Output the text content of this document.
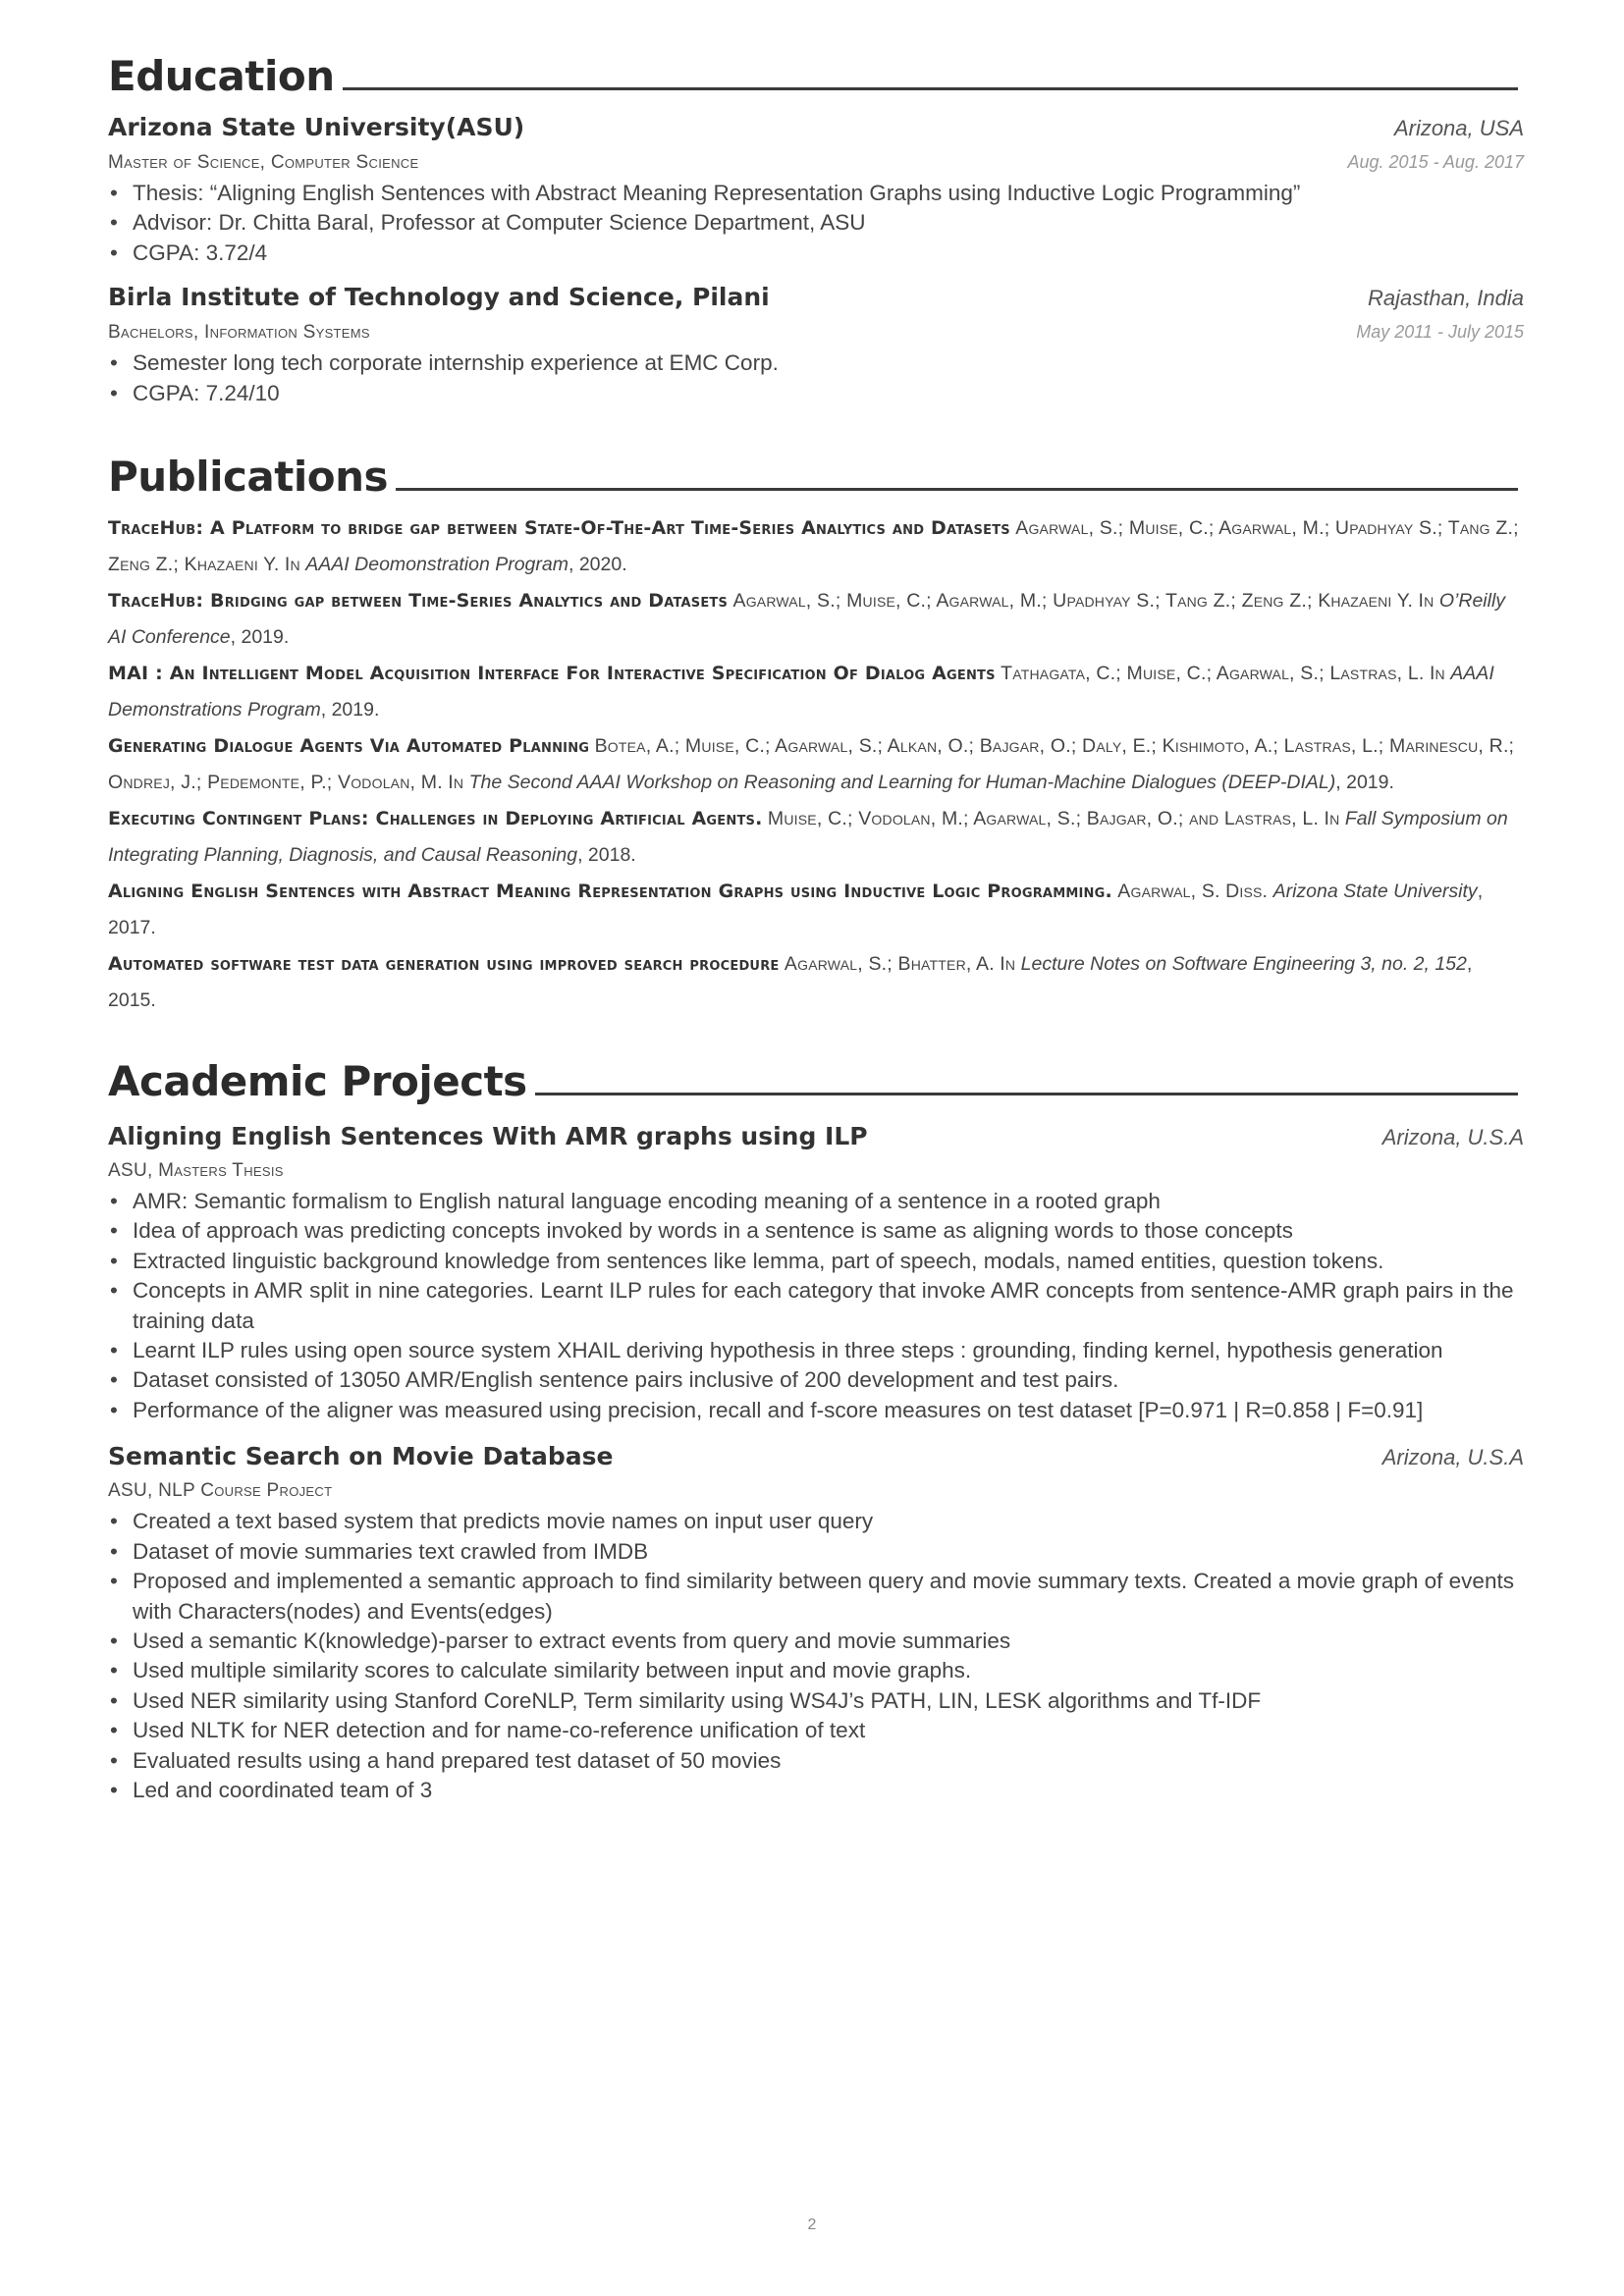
Education
Arizona State University(ASU)	Arizona, USA
Master of Science, Computer Science	Aug. 2015 - Aug. 2017
• Thesis: “Aligning English Sentences with Abstract Meaning Representation Graphs using Inductive Logic Programming”
• Advisor: Dr. Chitta Baral, Professor at Computer Science Department, ASU
• CGPA: 3.72/4
Birla Institute of Technology and Science, Pilani	Rajasthan, India
Bachelors, Information Systems	May 2011 - July 2015
• Semester long tech corporate internship experience at EMC Corp.
• CGPA: 7.24/10
Publications

TraceHub: A Platform to bridge gap between State-Of-The-Art Time-Series Analytics and Datasets Agarwal, S.; Muise, C.; Agarwal, M.; Upadhyay S.; Tang Z.; Zeng Z.; Khazaeni Y. In AAAI Deomonstration Program, 2020.

TraceHub: Bridging gap between Time-Series Analytics and Datasets Agarwal, S.; Muise, C.; Agarwal, M.; Upadhyay S.; Tang Z.; Zeng Z.; Khazaeni Y. In O’Reilly AI Conference, 2019.

MAI : An Intelligent Model Acquisition Interface For Interactive Specification Of Dialog Agents Tathagata, C.; Muise, C.; Agarwal, S.; Lastras, L. In AAAI Demonstrations Program, 2019.

Generating Dialogue Agents Via Automated Planning Botea, A.; Muise, C.; Agarwal, S.; Alkan, O.; Bajgar, O.; Daly, E.; Kishimoto, A.; Lastras, L.; Marinescu, R.; Ondrej, J.; Pedemonte, P.; Vodolan, M. In The Second AAAI Workshop on Reasoning and Learning for Human-Machine Dialogues (DEEP-DIAL), 2019.

Executing Contingent Plans: Challenges in Deploying Artificial Agents. Muise, C.; Vodolan, M.; Agarwal, S.; Bajgar, O.; and Lastras, L. In Fall Symposium on Integrating Planning, Diagnosis, and Causal Reasoning, 2018.

Aligning English Sentences with Abstract Meaning Representation Graphs using Inductive Logic Programming. Agarwal, S. Diss. Arizona State University, 2017.

Automated software test data generation using improved search procedure Agarwal, S.; Bhatter, A. In Lecture Notes on Software Engineering 3, no. 2, 152, 2015.

Academic Projects
Aligning English Sentences With AMR graphs using ILP	Arizona, U.S.A
ASU, Masters Thesis
• AMR: Semantic formalism to English natural language encoding meaning of a sentence in a rooted graph
• Idea of approach was predicting concepts invoked by words in a sentence is same as aligning words to those concepts
• Extracted linguistic background knowledge from sentences like lemma, part of speech, modals, named entities, question tokens.
• Concepts in AMR split in nine categories. Learnt ILP rules for each category that invoke AMR concepts from sentence-AMR graph pairs in the training data
• Learnt ILP rules using open source system XHAIL deriving hypothesis in three steps : grounding, finding kernel, hypothesis generation
• Dataset consisted of 13050 AMR/English sentence pairs inclusive of 200 development and test pairs.
• Performance of the aligner was measured using precision, recall and f-score measures on test dataset [P=0.971 | R=0.858 | F=0.91]
Semantic Search on Movie Database	Arizona, U.S.A
ASU, NLP Course Project
• Created a text based system that predicts movie names on input user query
• Dataset of movie summaries text crawled from IMDB
• Proposed and implemented a semantic approach to find similarity between query and movie summary texts. Created a movie graph of events with Characters(nodes) and Events(edges)
• Used a semantic K(knowledge)-parser to extract events from query and movie summaries
• Used multiple similarity scores to calculate similarity between input and movie graphs.
• Used NER similarity using Stanford CoreNLP, Term similarity using WS4J’s PATH, LIN, LESK algorithms and Tf-IDF
• Used NLTK for NER detection and for name-co-reference unification of text
• Evaluated results using a hand prepared test dataset of 50 movies
• Led and coordinated team of 3
2
